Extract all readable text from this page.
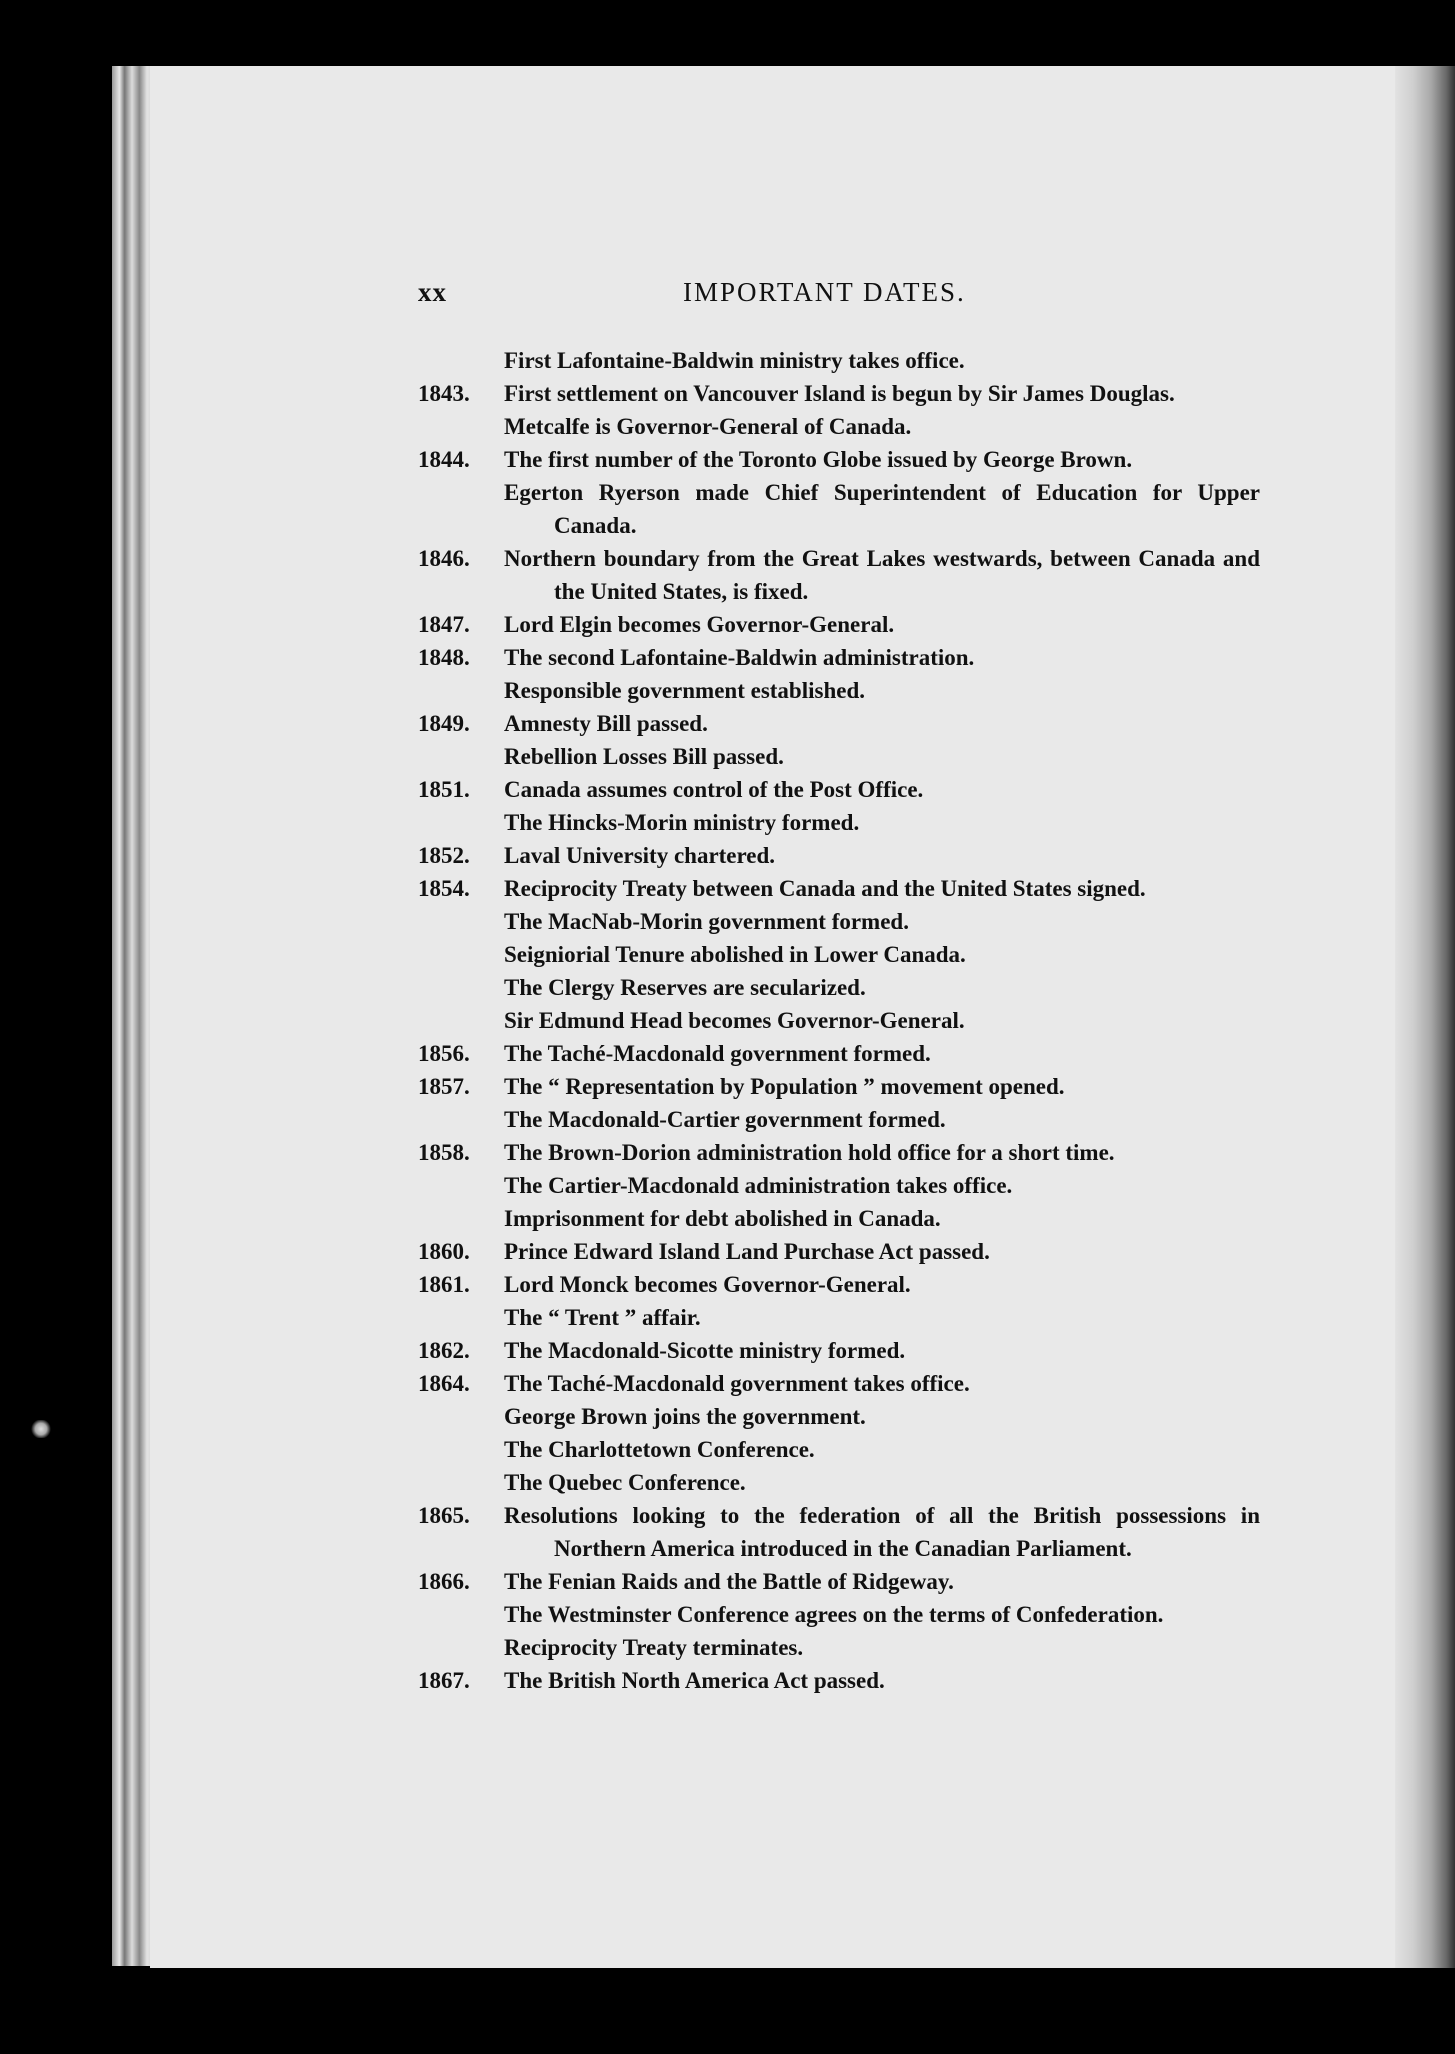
xx	IMPORTANT DATES.
First Lafontaine-Baldwin ministry takes office.
1843. First settlement on Vancouver Island is begun by Sir James Douglas.
Metcalfe is Governor-General of Canada.
1844. The first number of the Toronto Globe issued by George Brown.
Egerton Ryerson made Chief Superintendent of Education for Upper Canada.
1846. Northern boundary from the Great Lakes westwards, between Canada and the United States, is fixed.
1847. Lord Elgin becomes Governor-General.
1848. The second Lafontaine-Baldwin administration.
Responsible government established.
1849. Amnesty Bill passed.
Rebellion Losses Bill passed.
1851. Canada assumes control of the Post Office.
The Hincks-Morin ministry formed.
1852. Laval University chartered.
1854. Reciprocity Treaty between Canada and the United States signed.
The MacNab-Morin government formed.
Seigniorial Tenure abolished in Lower Canada.
The Clergy Reserves are secularized.
Sir Edmund Head becomes Governor-General.
1856. The Taché-Macdonald government formed.
1857. The “ Representation by Population ” movement opened.
The Macdonald-Cartier government formed.
1858. The Brown-Dorion administration hold office for a short time.
The Cartier-Macdonald administration takes office.
Imprisonment for debt abolished in Canada.
1860. Prince Edward Island Land Purchase Act passed.
1861. Lord Monck becomes Governor-General.
The “ Trent ” affair.
1862. The Macdonald-Sicotte ministry formed.
1864. The Taché-Macdonald government takes office.
George Brown joins the government.
The Charlottetown Conference.
The Quebec Conference.
1865. Resolutions looking to the federation of all the British possessions in Northern America introduced in the Canadian Parliament.
1866. The Fenian Raids and the Battle of Ridgeway.
The Westminster Conference agrees on the terms of Confederation.
Reciprocity Treaty terminates.
1867. The British North America Act passed.
